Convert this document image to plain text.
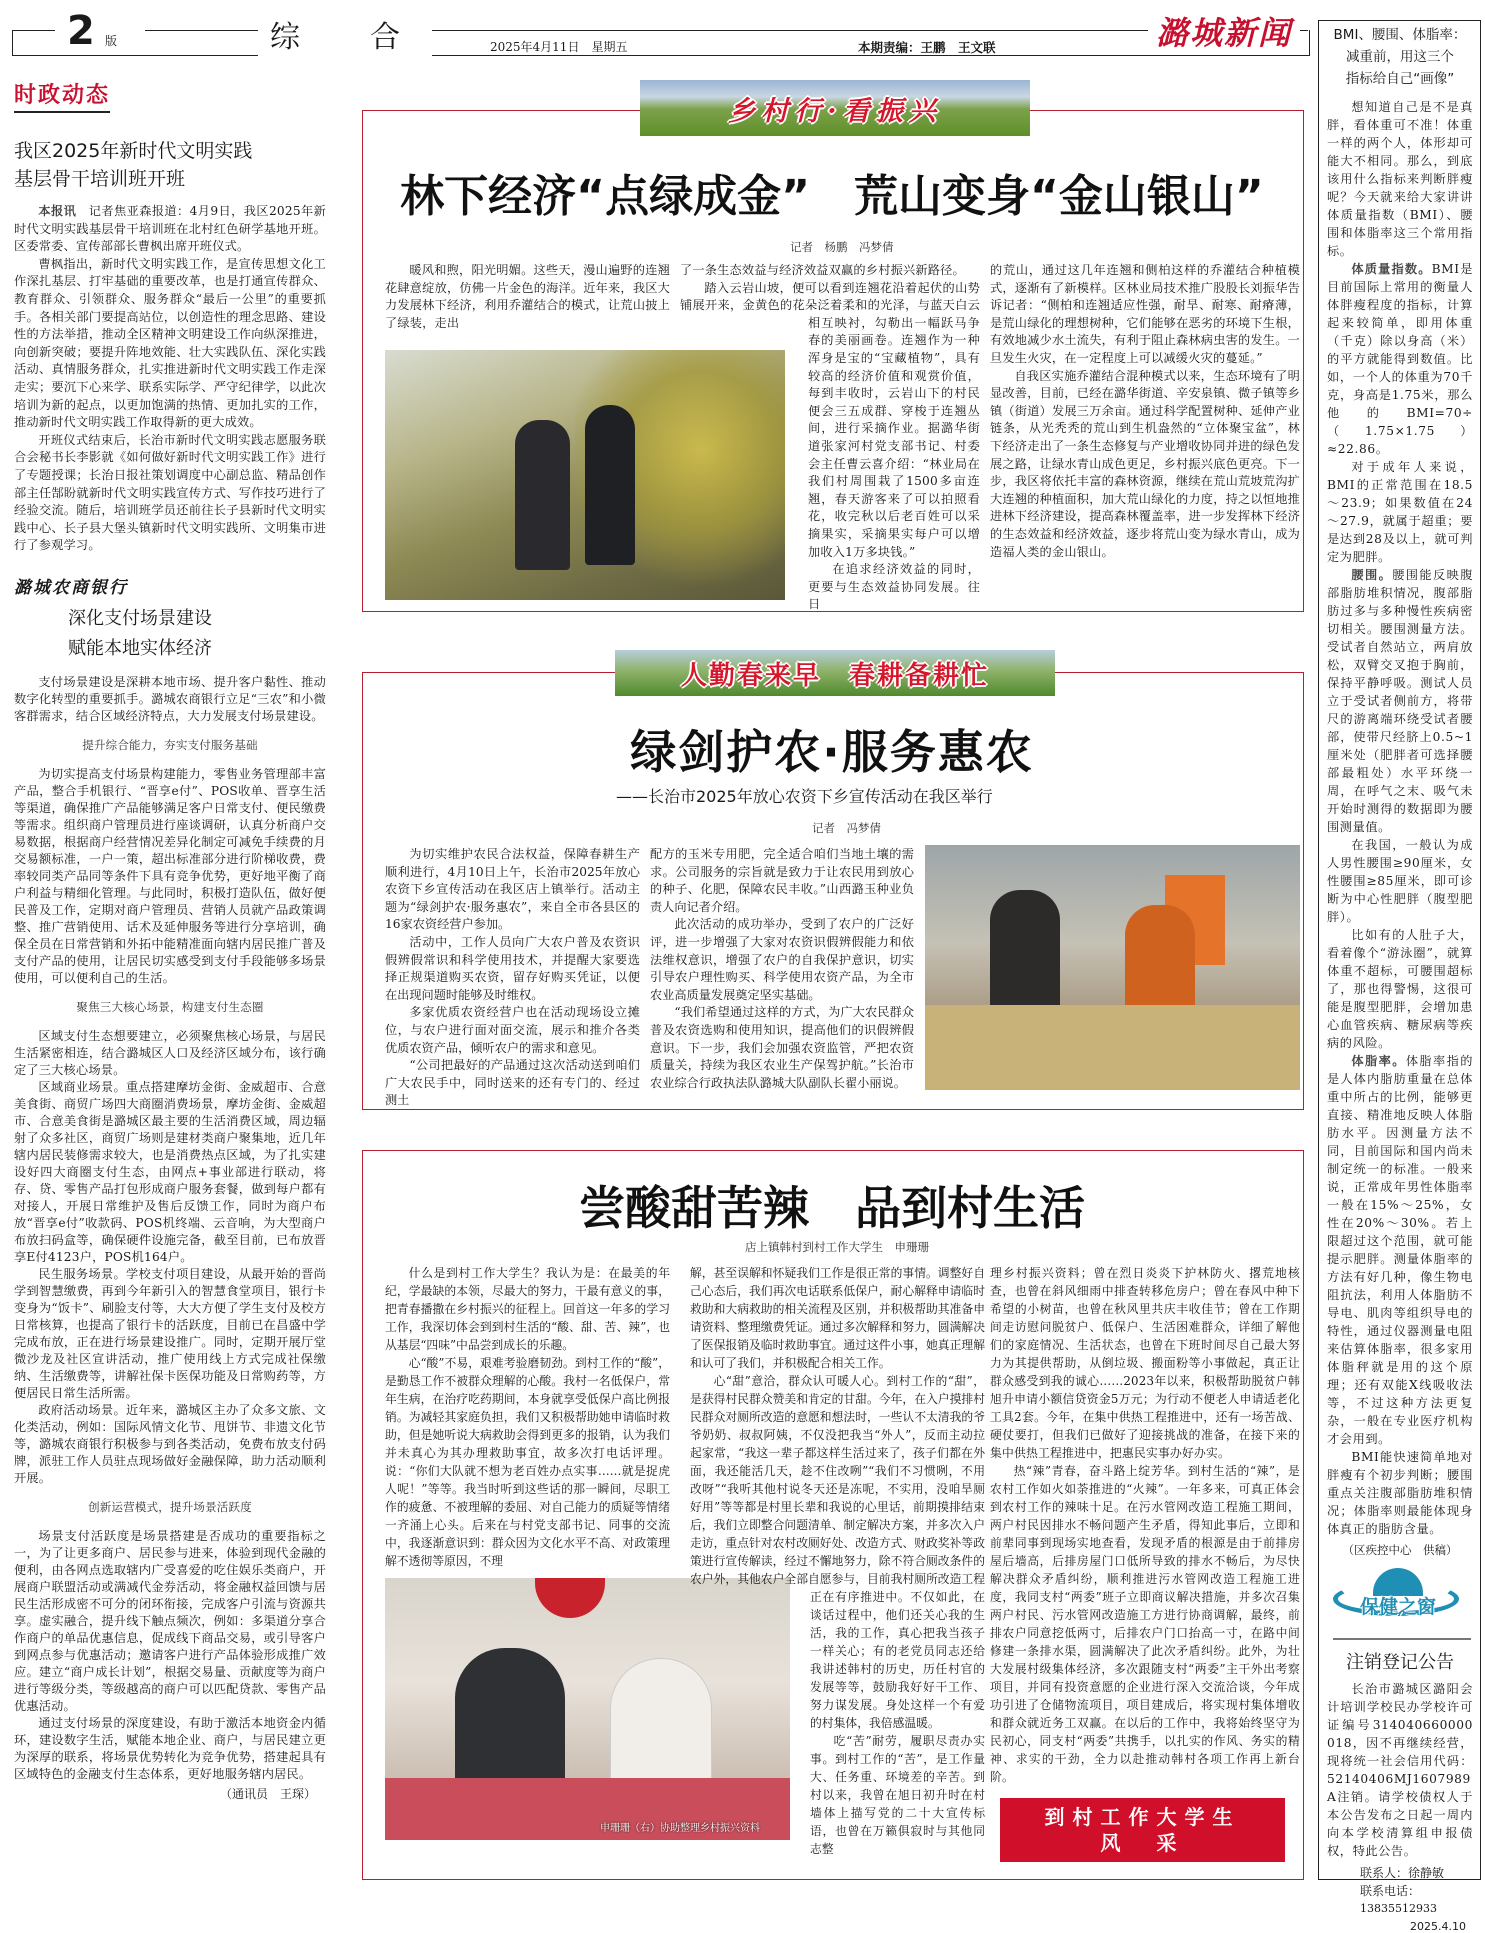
2 版	综　合	2025年4月11日　星期五	本期责编：王鹏　王文联	潞城新闻
时政动态
我区2025年新时代文明实践
基层骨干培训班开班

本报讯　记者焦亚森报道：4月9日，我区2025年新时代文明实践基层骨干培训班在北村红色研学基地开班。区委常委、宣传部部长曹枫出席开班仪式。

曹枫指出，新时代文明实践工作，是宣传思想文化工作深扎基层、打牢基础的重要改革，也是打通宣传群众、教育群众、引领群众、服务群众“最后一公里”的重要抓手。各相关部门要提高站位，以创造性的理念思路、建设性的方法举措，推动全区精神文明建设工作向纵深推进，向创新突破；要提升阵地效能、壮大实践队伍、深化实践活动、真情服务群众，扎实推进新时代文明实践工作走深走实；要沉下心来学、联系实际学、严守纪律学，以此次培训为新的起点，以更加饱满的热情、更加扎实的工作，推动新时代文明实践工作取得新的更大成效。

开班仪式结束后，长治市新时代文明实践志愿服务联合会秘书长李影就《如何做好新时代文明实践工作》进行了专题授课；长治日报社策划调度中心副总监、精品创作部主任郜盼就新时代文明实践宣传方式、写作技巧进行了经验交流。随后，培训班学员还前往长子县新时代文明实践中心、长子县大堡头镇新时代文明实践所、文明集市进行了参观学习。

潞城农商银行
深化支付场景建设
赋能本地实体经济

支付场景建设是深耕本地市场、提升客户黏性、推动数字化转型的重要抓手。潞城农商银行立足“三农”和小微客群需求，结合区域经济特点，大力发展支付场景建设。

提升综合能力，夯实支付服务基础

为切实提高支付场景构建能力，零售业务管理部丰富产品，整合手机银行、“晋享e付”、POS收单、晋享生活等渠道，确保推广产品能够满足客户日常支付、便民缴费等需求。组织商户管理员进行座谈调研，认真分析商户交易数据，根据商户经营情况差异化制定可减免手续费的月交易额标准，一户一策，超出标准部分进行阶梯收费，费率较同类产品同等条件下具有竞争优势，更好地平衡了商户利益与精细化管理。与此同时，积极打造队伍，做好便民普及工作，定期对商户管理员、营销人员就产品政策调整、推广营销使用、话术及延伸服务等进行分享培训，确保全员在日常营销和外拓中能精准面向辖内居民推广普及支付产品的使用，让居民切实感受到支付手段能够多场景使用，可以便利自己的生活。

聚焦三大核心场景，构建支付生态圈

区域支付生态想要建立，必须聚焦核心场景，与居民生活紧密相连，结合潞城区人口及经济区域分布，该行确定了三大核心场景。

区域商业场景。重点搭建摩坊金街、金威超市、合意美食街、商贸广场四大商圈消费场景，摩坊金街、金威超市、合意美食街是潞城区最主要的生活消费区域，周边辐射了众多社区，商贸广场则是建材类商户聚集地，近几年辖内居民装修需求较大，也是消费热点区域，为了扎实建设好四大商圈支付生态，由网点+事业部进行联动，将存、贷、零售产品打包形成商户服务套餐，做到每户都有对接人，开展日常维护及售后反馈工作，同时为商户布放“晋享e付”收款码、POS机终端、云音响，为大型商户布放扫码盒等，确保硬件设施完备，截至目前，已布放晋享E付4123户，POS机164户。

民生服务场景。学校支付项目建设，从最开始的晋尚学到智慧缴费，再到今年新引入的智慧食堂项目，银行卡变身为“饭卡”、刷脸支付等，大大方便了学生支付及校方日常核算，也提高了银行卡的活跃度，目前已在昌盛中学完成布放，正在进行场景建设推广。同时，定期开展厅堂微沙龙及社区宣讲活动，推广使用线上方式完成社保缴纳、生活缴费等，讲解社保卡医保功能及日常购药等，方便居民日常生活所需。

政府活动场景。近年来，潞城区主办了众多文旅、文化类活动，例如：国际风情文化节、甩饼节、非遗文化节等，潞城农商银行积极参与到各类活动，免费布放支付码牌，派驻工作人员驻点现场做好金融保障，助力活动顺利开展。

创新运营模式，提升场景活跃度

场景支付活跃度是场景搭建是否成功的重要指标之一，为了让更多商户、居民参与进来，体验到现代金融的便利，由各网点选取辖内广受喜爱的吃住娱乐类商户，开展商户联盟活动或满减代金券活动，将金融权益回馈与居民生活形成密不可分的闭环衔接，完成客户引流与资源共享。虚实融合，提升线下触点频次，例如：多渠道分享合作商户的单品优惠信息，促成线下商品交易，或引导客户到网点参与优惠活动；邀请客户进行产品体验形成推广效应。建立“商户成长计划”，根据交易量、贡献度等为商户进行等级分类，等级越高的商户可以匹配贷款、零售产品优惠活动。

通过支付场景的深度建设，有助于激活本地资金内循环，建设数字生活，赋能本地企业、商户，与居民建立更为深厚的联系，将场景优势转化为竞争优势，搭建起具有区域特色的金融支付生态体系，更好地服务辖内居民。

（通讯员　王琛）
乡村行·看振兴
林下经济“点绿成金”　荒山变身“金山银山”
记者　杨鹏　冯梦倩

暖风和煦，阳光明媚。这些天，漫山遍野的连翘花肆意绽放，仿佛一片金色的海洋。近年来，我区大力发展林下经济，利用乔灌结合的模式，让荒山披上了绿装，走出

了一条生态效益与经济效益双赢的乡村振兴新路径。

踏入云岩山坡，便可以看到连翘花沿着起伏的山势铺展开来，金黄色的花朵泛着柔和的光泽，与蓝天白云相互映衬，勾勒出一幅跃马争春的美丽画卷。连翘作为一种浑身是宝的“宝藏植物”，具有较高的经济价值和观赏价值，每到丰收时，云岩山下的村民便会三五成群、穿梭于连翘丛间，进行采摘作业。据潞华街道张家河村党支部书记、村委会主任曹云喜介绍：“林业局在我们村周围栽了1500多亩连翘，春天游客来了可以拍照看花，收完秋以后老百姓可以采摘果实，采摘果实每户可以增加收入1万多块钱。”

在追求经济效益的同时，更要与生态效益协同发展。往日

的荒山，通过这几年连翘和侧柏这样的乔灌结合种植模式，逐渐有了新模样。区林业局技术推广股股长刘振华告诉记者：“侧柏和连翘适应性强，耐旱、耐寒、耐瘠薄，是荒山绿化的理想树种，它们能够在恶劣的环境下生根，有效地减少水土流失，有利于阻止森林病虫害的发生。一旦发生火灾，在一定程度上可以减缓火灾的蔓延。”

自我区实施乔灌结合混种模式以来，生态环境有了明显改善，目前，已经在潞华街道、辛安泉镇、微子镇等乡镇（街道）发展三万余亩。通过科学配置树种、延伸产业链条，从光秃秃的荒山到生机盎然的“立体聚宝盆”，林下经济走出了一条生态修复与产业增收协同并进的绿色发展之路，让绿水青山成色更足，乡村振兴底色更亮。下一步，我区将依托丰富的森林资源，继续在荒山荒坡荒沟扩大连翘的种植面积，加大荒山绿化的力度，持之以恒地推进林下经济建设，提高森林覆盖率，进一步发挥林下经济的生态效益和经济效益，逐步将荒山变为绿水青山，成为造福人类的金山银山。

人勤春来早　春耕备耕忙
绿剑护农·服务惠农
——长治市2025年放心农资下乡宣传活动在我区举行
记者　冯梦倩

为切实维护农民合法权益，保障春耕生产顺利进行，4月10日上午，长治市2025年放心农资下乡宣传活动在我区店上镇举行。活动主题为“绿剑护农·服务惠农”，来自全市各县区的16家农资经营户参加。

活动中，工作人员向广大农户普及农资识假辨假常识和科学使用技术，并提醒大家要选择正规渠道购买农资，留存好购买凭证，以便在出现问题时能够及时维权。

多家优质农资经营户也在活动现场设立摊位，与农户进行面对面交流，展示和推介各类优质农资产品，倾听农户的需求和意见。

“公司把最好的产品通过这次活动送到咱们广大农民手中，同时送来的还有专门的、经过测土

配方的玉米专用肥，完全适合咱们当地土壤的需求。公司服务的宗旨就是致力于让农民用到放心的种子、化肥，保障农民丰收。”山西潞玉种业负责人向记者介绍。

此次活动的成功举办，受到了农户的广泛好评，进一步增强了大家对农资识假辨假能力和依法维权意识，增强了农户的自我保护意识，切实引导农户理性购买、科学使用农资产品，为全市农业高质量发展奠定坚实基础。

“我们希望通过这样的方式，为广大农民群众普及农资选购和使用知识，提高他们的识假辨假意识。下一步，我们会加强农资监管，严把农资质量关，持续为我区农业生产保驾护航。”长治市农业综合行政执法队潞城大队副队长翟小丽说。

尝酸甜苦辣　品到村生活
店上镇韩村到村工作大学生　申珊珊

什么是到村工作大学生？我认为是：在最美的年纪，学最缺的本领，尽最大的努力，干最有意义的事，把青春播撒在乡村振兴的征程上。回首这一年多的学习工作，我深切体会到到村生活的“酸、甜、苦、辣”，也从基层“四味”中品尝到成长的乐趣。

心“酸”不易，艰难考验磨韧劲。到村工作的“酸”，是勤恳工作不被群众理解的心酸。我村一名低保户，常年生病，在治疗吃药期间，本身就享受低保户高比例报销。为减轻其家庭负担，我们又积极帮助她申请临时救助，但是她听说大病救助会得到更多的报销，认为我们并未真心为其办理救助事宜，故多次打电话评理。说：“你们大队就不想为老百姓办点实事……就是捉虎人呢！”等等。我当时听到这些话的那一瞬间，尽职工作的疲惫、不被理解的委屈、对自己能力的质疑等情绪一齐涌上心头。后来在与村党支部书记、同事的交流中，我逐渐意识到：群众因为文化水平不高、对政策理解不透彻等原因，不理

申珊珊（右）协助整理乡村振兴资料

解，甚至误解和怀疑我们工作是很正常的事情。调整好自己心态后，我们再次电话联系低保户，耐心解释申请临时救助和大病救助的相关流程及区别，并积极帮助其准备申请资料、整理缴费凭证。通过多次解释和努力，圆满解决了医保报销及临时救助事宜。通过这件小事，她真正理解和认可了我们，并积极配合相关工作。

心“甜”意洽，群众认可暖人心。到村工作的“甜”，是获得村民群众赞美和肯定的甘甜。今年，在入户摸排村民群众对厕所改造的意愿和想法时，一些认不太清我的爷爷奶奶、叔叔阿姨，不仅没把我当“外人”，反而主动拉起家常，“我这一辈子都这样生活过来了，孩子们都在外面，我还能活几天，趁不住改咧”“我们不习惯咧，不用改呀”“我听其他村说冬天还是冻呢，不实用，没咱旱厕好用”等等都是村里长辈和我说的心里话，前期摸排结束后，我们立即整合问题清单、制定解决方案，并多次入户走访，重点针对农村改厕好处、改造方式、财政奖补等政策进行宣传解读，经过不懈地努力，除不符合厕改条件的农户外，其他农户全部自愿参与，目前我村厕所改造工程正在有序推进中。不仅如此，在谈话过程中，他们还关心我的生活，我的工作，真心把我当孩子一样关心；有的老党员同志还给我讲述韩村的历史，历任村官的发展等等，鼓励我好好干工作、努力谋发展。身处这样一个有爱的村集体，我倍感温暖。

吃“苦”耐劳，履职尽责办实事。到村工作的“苦”，是工作量大、任务重、环境差的辛苦。到村以来，我曾在旭日初升时在村墙体上描写党的二十大宣传标语，也曾在万籁俱寂时与其他同志整

理乡村振兴资料；曾在烈日炎炎下护林防火、撂荒地核查，也曾在斜风细雨中排查转移危房户；曾在春风中种下希望的小树苗，也曾在秋风里共庆丰收佳节；曾在工作期间走访慰问脱贫户、低保户、生活困难群众，详细了解他们的家庭情况、生活状态，也曾在下班时间尽自己最大努力为其提供帮助，从倒垃圾、搬面粉等小事做起，真正让群众感受到我的诚心……2023年以来，积极帮助脱贫户韩旭升申请小额信贷资金5万元；为行动不便老人申请适老化工具2套。今年，在集中供热工程推进中，还有一场苦战、硬仗要打，但我们已做好了迎接挑战的准备，在接下来的集中供热工程推进中，把惠民实事办好办实。

热“辣”青春，奋斗路上绽芳华。到村生活的“辣”，是农村工作如火如荼推进的“火辣”。一年多来，可真正体会到农村工作的辣味十足。在污水管网改造工程施工期间，两户村民因排水不畅问题产生矛盾，得知此事后，立即和前辈同事到现场实地查看，发现矛盾的根源是由于前排房屋后墙高，后排房屋门口低所导致的排水不畅后，为尽快解决群众矛盾纠纷，顺利推进污水管网改造工程施工进度，我同支村“两委”班子立即商议解决措施，并多次召集两户村民、污水管网改造施工方进行协商调解，最终，前排农户同意挖低两寸，后排农户门口抬高一寸，在路中间修建一条排水渠，圆满解决了此次矛盾纠纷。此外，为壮大发展村级集体经济，多次跟随支村“两委”主干外出考察项目，并同有投资意愿的企业进行深入交流洽谈，今年成功引进了仓储物流项目，项目建成后，将实现村集体增收和群众就近务工双赢。在以后的工作中，我将始终坚守为民初心，同支村“两委”共携手，以扎实的作风、务实的精神、求实的干劲，全力以赴推动韩村各项工作再上新台阶。

到村工作大学生
风　采
BMI、腰围、体脂率：
减重前，用这三个
指标给自己“画像”

想知道自己是不是真胖，看体重可不准！体重一样的两个人，体形却可能大不相同。那么，到底该用什么指标来判断胖瘦呢？今天就来给大家讲讲体质量指数（BMI）、腰围和体脂率这三个常用指标。

体质量指数。BMI是目前国际上常用的衡量人体胖瘦程度的指标，计算起来较简单，即用体重（千克）除以身高（米）的平方就能得到数值。比如，一个人的体重为70千克，身高是1.75米，那么他的BMI=70÷（1.75×1.75）≈22.86。

对于成年人来说，BMI的正常范围在18.5～23.9；如果数值在24～27.9，就属于超重；要是达到28及以上，就可判定为肥胖。

腰围。腰围能反映腹部脂肪堆积情况，腹部脂肪过多与多种慢性疾病密切相关。腰围测量方法。受试者自然站立，两肩放松，双臂交叉抱于胸前，保持平静呼吸。测试人员立于受试者侧前方，将带尺的游离端环绕受试者腰部，使带尺经脐上0.5~1厘米处（肥胖者可选择腰部最粗处）水平环绕一周，在呼气之末、吸气未开始时测得的数据即为腰围测量值。

在我国，一般认为成人男性腰围≥90厘米，女性腰围≥85厘米，即可诊断为中心性肥胖（腹型肥胖）。

比如有的人肚子大，看着像个“游泳圈”，就算体重不超标，可腰围超标了，那也得警惕，这很可能是腹型肥胖，会增加患心血管疾病、糖尿病等疾病的风险。

体脂率。体脂率指的是人体内脂肪重量在总体重中所占的比例，能够更直接、精准地反映人体脂肪水平。因测量方法不同，目前国际和国内尚未制定统一的标准。一般来说，正常成年男性体脂率一般在15%～25%，女性在20%～30%。若上限超过这个范围，就可能提示肥胖。测量体脂率的方法有好几种，像生物电阻抗法，利用人体脂肪不导电、肌肉等组织导电的特性，通过仪器测量电阻来估算体脂率，很多家用体脂秤就是用的这个原理；还有双能X线吸收法等，不过这种方法更复杂，一般在专业医疗机构才会用到。

BMI能快速简单地对胖瘦有个初步判断；腰围重点关注腹部脂肪堆积情况；体脂率则最能体现身体真正的脂肪含量。

（区疾控中心　供稿）
保健之窗
注销登记公告

长治市潞城区潞阳会计培训学校民办学校许可证编号314040660000018，因不再继续经营，现将统一社会信用代码：52140406MJ1607989A注销。请学校债权人于本公告发布之日起一周内向本学校清算组申报债权，特此公告。

联系人：徐静敏
联系电话：
13835512933
2025.4.10
